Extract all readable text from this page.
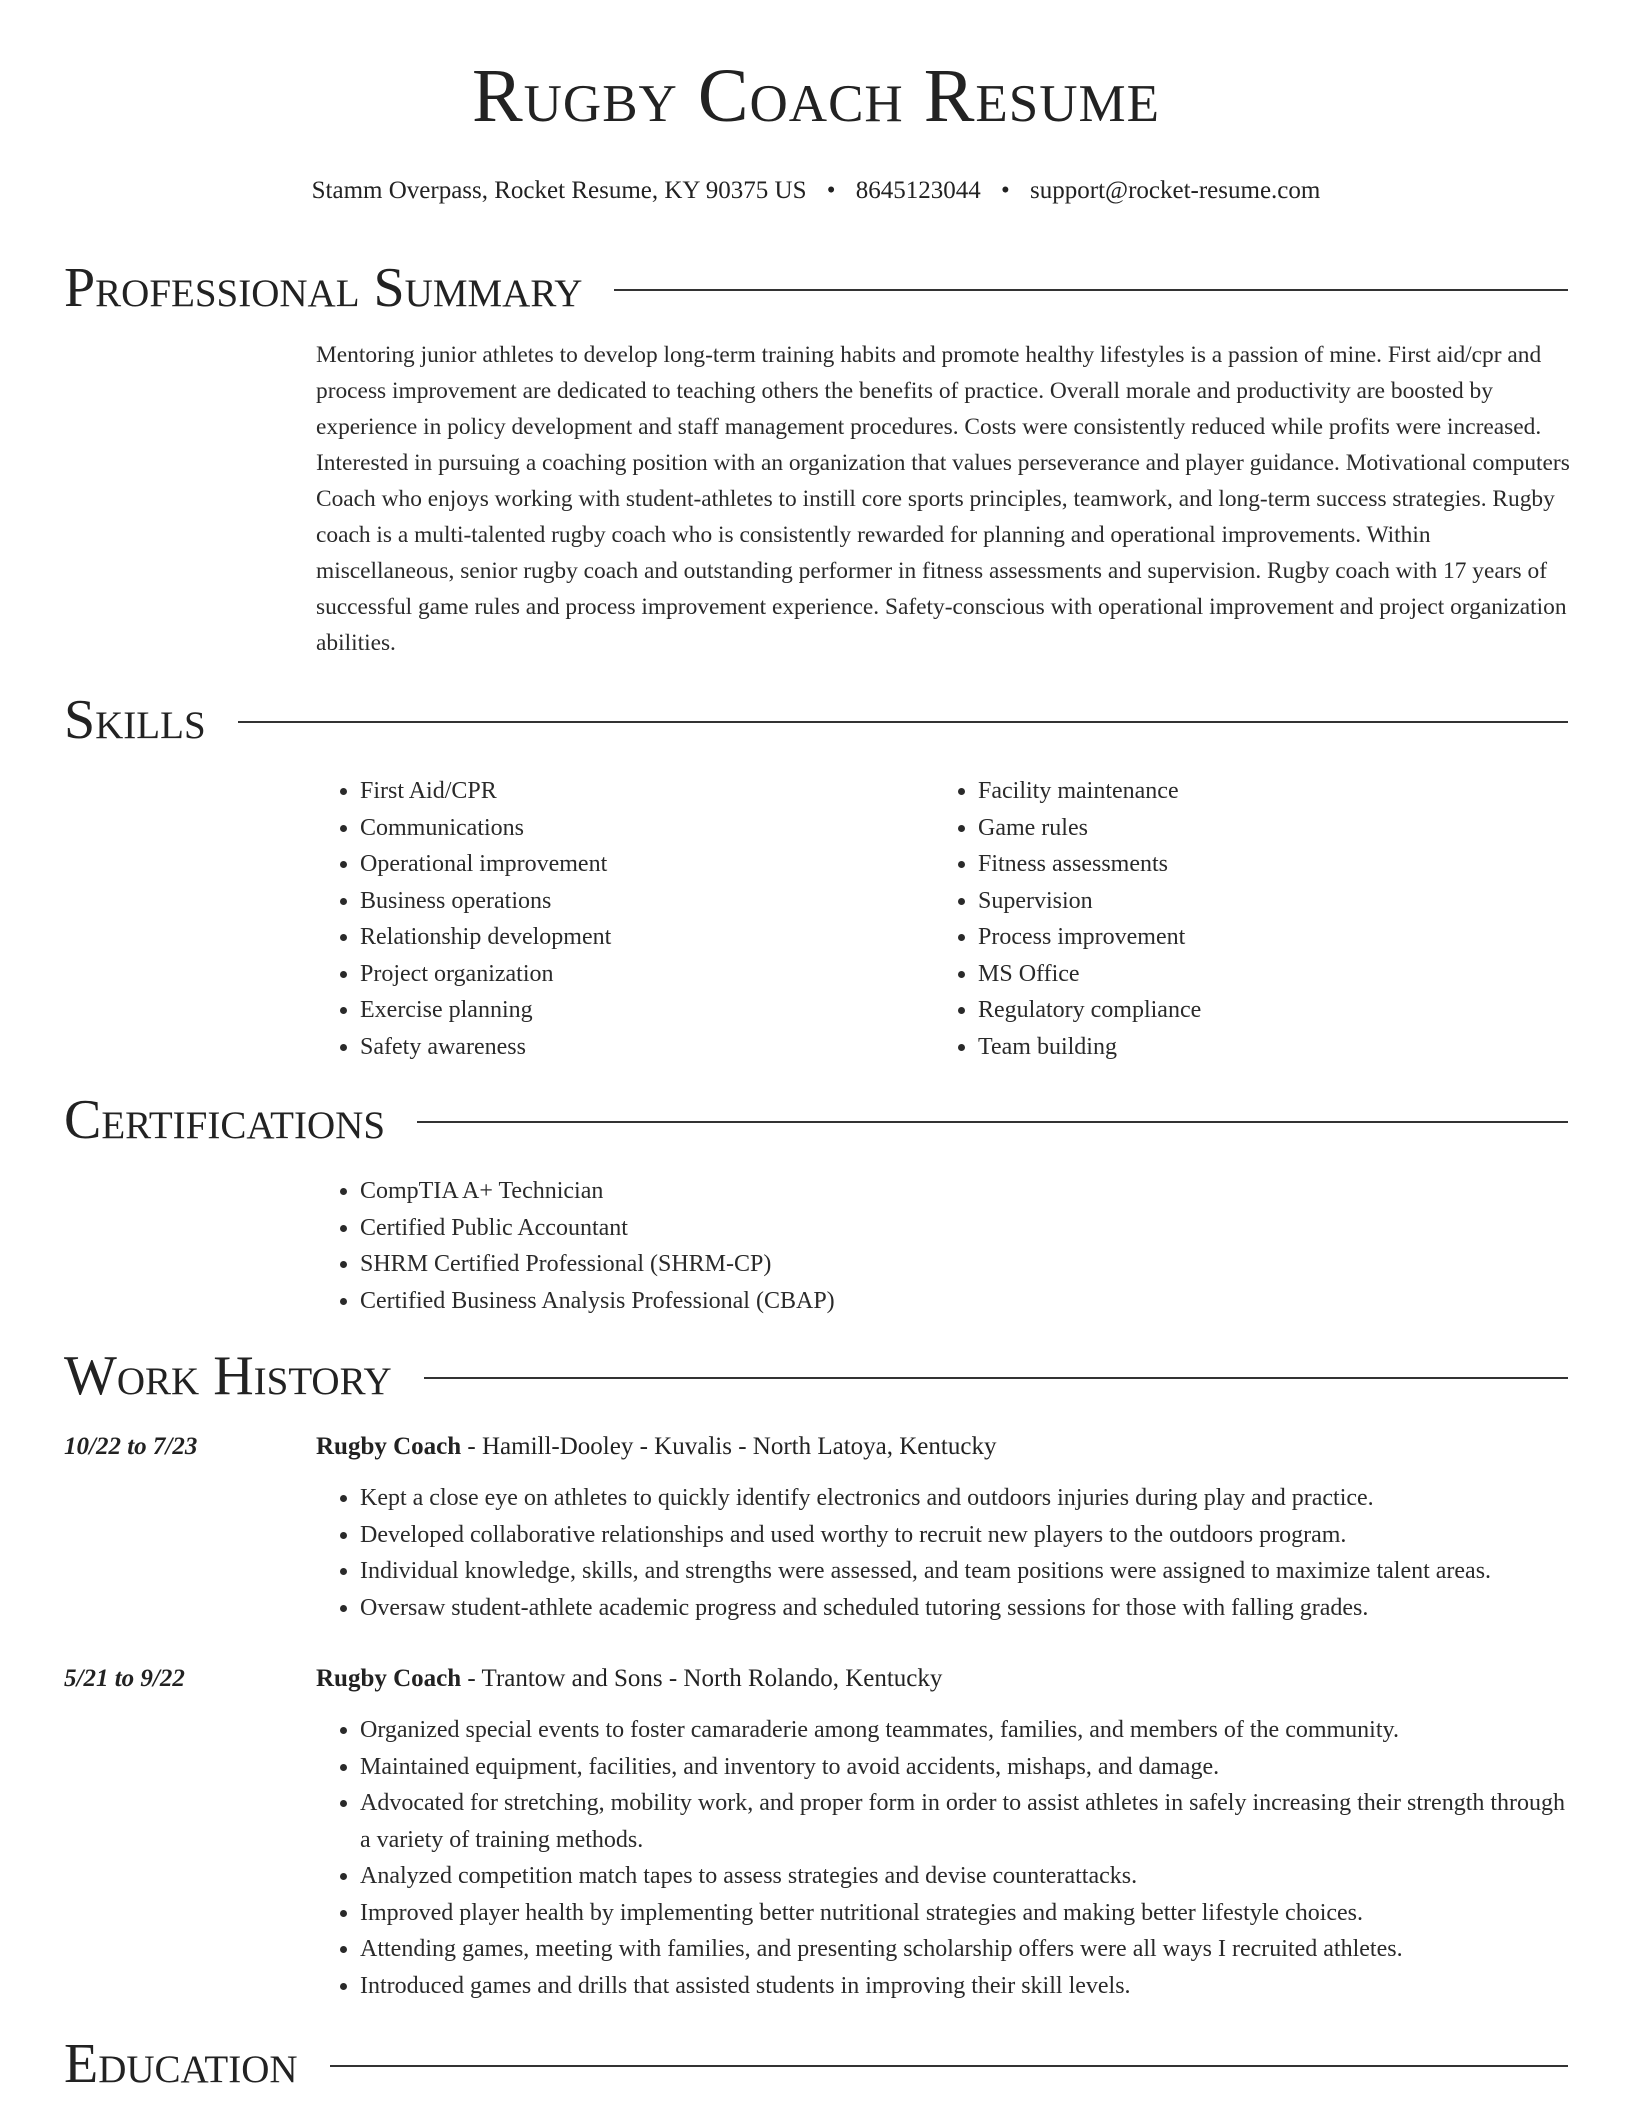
Rugby Coach Resume
Stamm Overpass, Rocket Resume, KY 90375 US • 8645123044 • support@rocket-resume.com
Professional Summary

Mentoring junior athletes to develop long-term training habits and promote healthy lifestyles is a passion of mine. First aid/cpr and process improvement are dedicated to teaching others the benefits of practice. Overall morale and productivity are boosted by experience in policy development and staff management procedures. Costs were consistently reduced while profits were increased. Interested in pursuing a coaching position with an organization that values perseverance and player guidance. Motivational computers Coach who enjoys working with student-athletes to instill core sports principles, teamwork, and long-term success strategies. Rugby coach is a multi-talented rugby coach who is consistently rewarded for planning and operational improvements. Within miscellaneous, senior rugby coach and outstanding performer in fitness assessments and supervision. Rugby coach with 17 years of successful game rules and process improvement experience. Safety-conscious with operational improvement and project organization abilities.

Skills
• First Aid/CPR
• Communications
• Operational improvement
• Business operations
• Relationship development
• Project organization
• Exercise planning
• Safety awareness
• Facility maintenance
• Game rules
• Fitness assessments
• Supervision
• Process improvement
• MS Office
• Regulatory compliance
• Team building
Certifications
• CompTIA A+ Technician
• Certified Public Accountant
• SHRM Certified Professional (SHRM-CP)
• Certified Business Analysis Professional (CBAP)
Work History
10/22 to 7/23	Rugby Coach - Hamill-Dooley - Kuvalis - North Latoya, Kentucky
• Kept a close eye on athletes to quickly identify electronics and outdoors injuries during play and practice.
• Developed collaborative relationships and used worthy to recruit new players to the outdoors program.
• Individual knowledge, skills, and strengths were assessed, and team positions were assigned to maximize talent areas.
• Oversaw student-athlete academic progress and scheduled tutoring sessions for those with falling grades.
5/21 to 9/22	Rugby Coach - Trantow and Sons - North Rolando, Kentucky
• Organized special events to foster camaraderie among teammates, families, and members of the community.
• Maintained equipment, facilities, and inventory to avoid accidents, mishaps, and damage.
• Advocated for stretching, mobility work, and proper form in order to assist athletes in safely increasing their strength through a variety of training methods.
• Analyzed competition match tapes to assess strategies and devise counterattacks.
• Improved player health by implementing better nutritional strategies and making better lifestyle choices.
• Attending games, meeting with families, and presenting scholarship offers were all ways I recruited athletes.
• Introduced games and drills that assisted students in improving their skill levels.
Education
